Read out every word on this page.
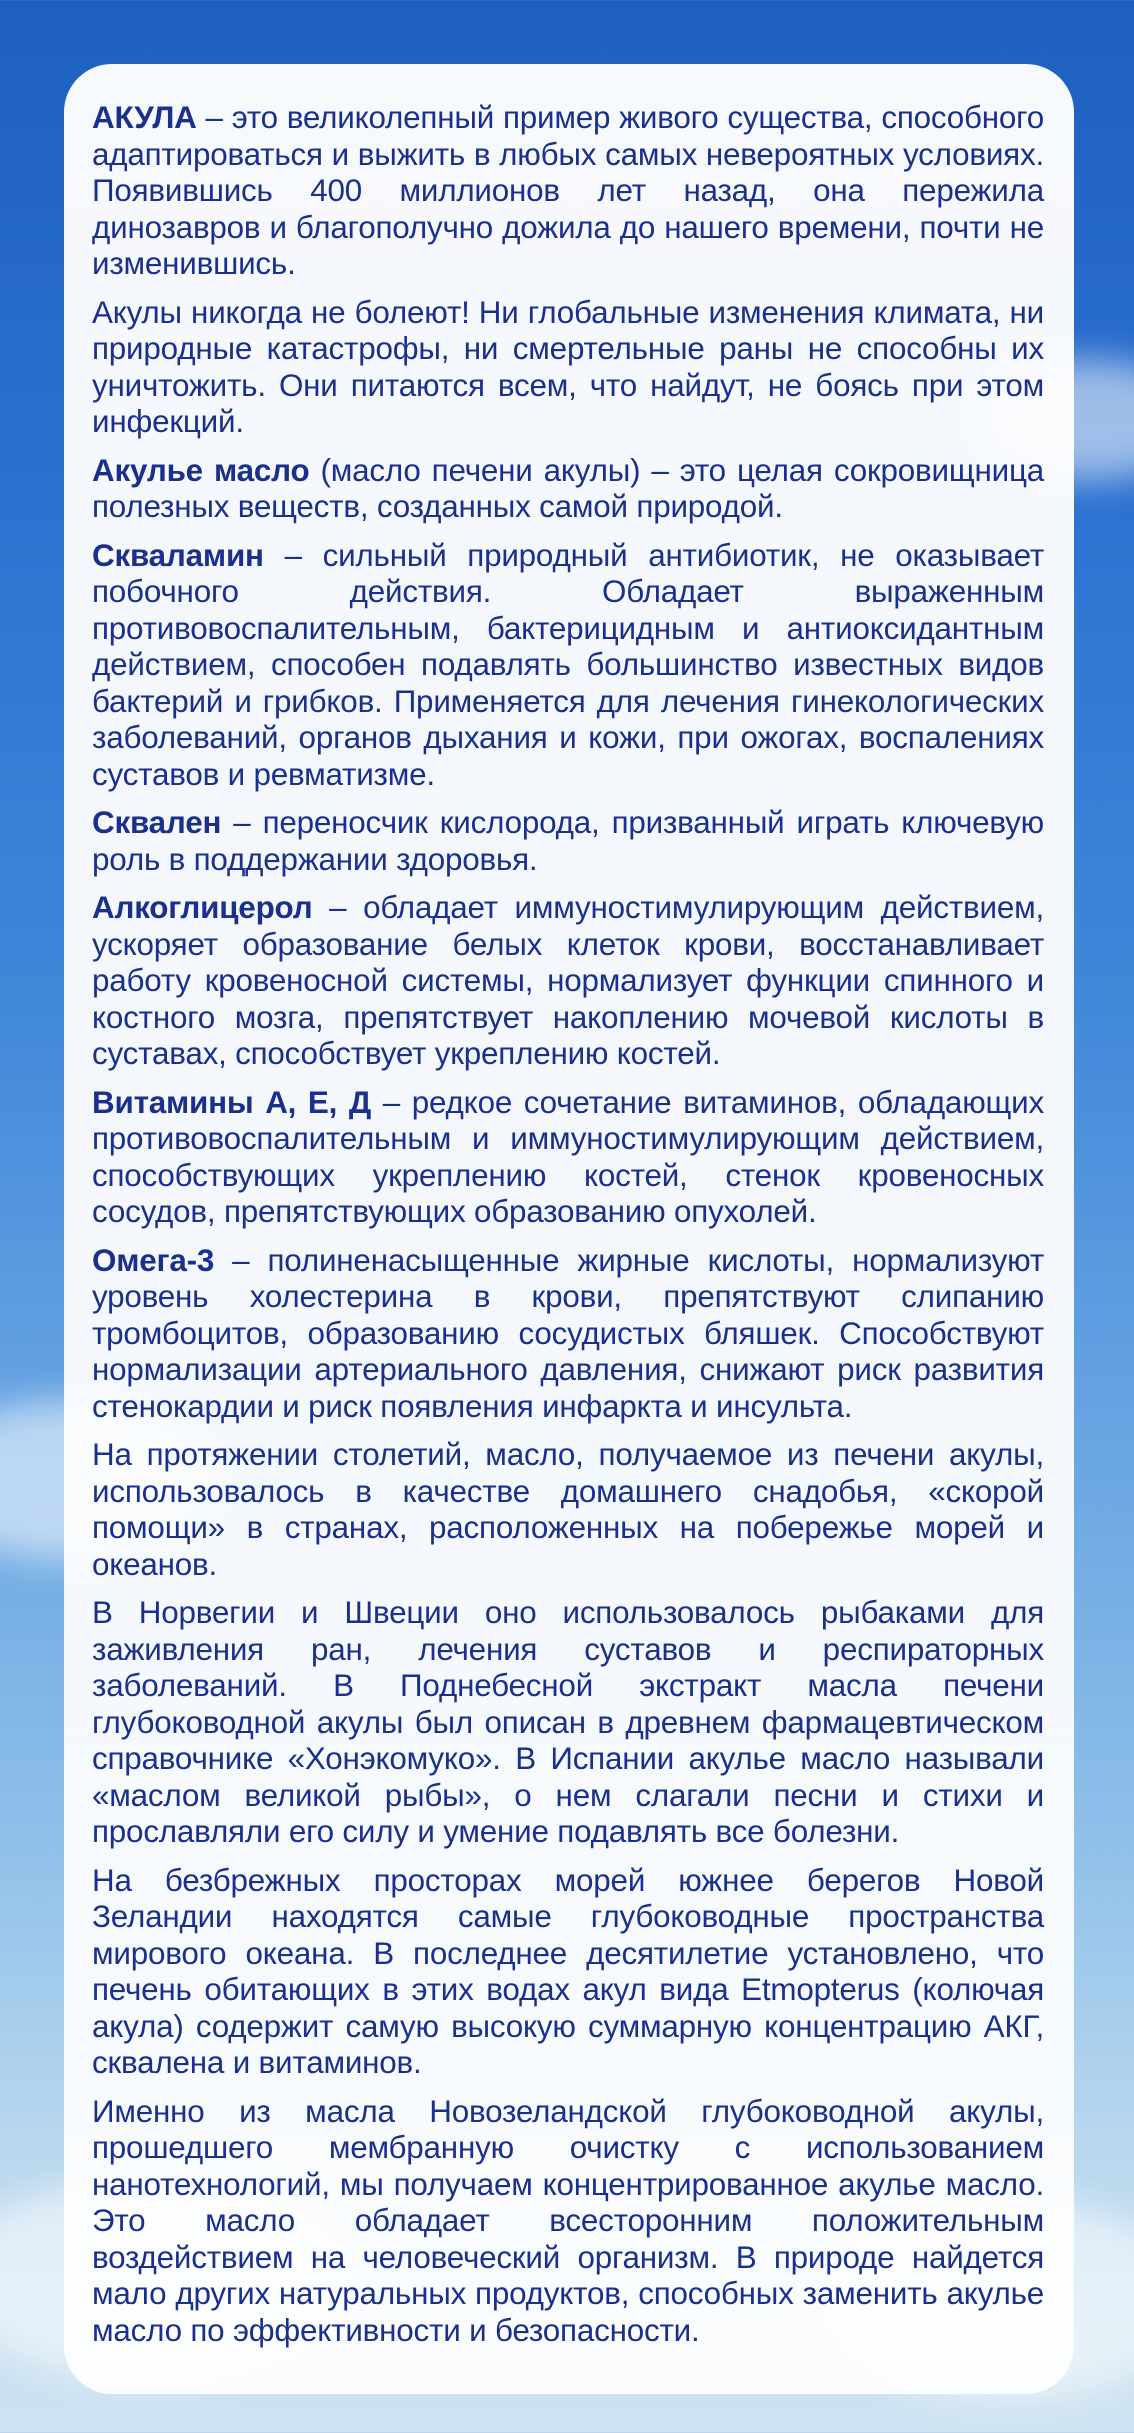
АКУЛА – это великолепный пример живого существа, способного адаптироваться и выжить в любых самых невероятных условиях. Появившись 400 миллионов лет назад, она пережила динозавров и благополучно дожила до нашего времени, почти не изменившись.

Акулы никогда не болеют! Ни глобальные изменения климата, ни природные катастрофы, ни смертельные раны не способны их уничтожить. Они питаются всем, что найдут, не боясь при этом инфекций.

Акулье масло (масло печени акулы) – это целая сокровищница полезных веществ, созданных самой природой.

Скваламин – сильный природный антибиотик, не оказывает побочного действия. Обладает выраженным противовоспалительным, бактерицидным и антиоксидантным действием, способен подавлять большинство известных видов бактерий и грибков. Применяется для лечения гинекологических заболеваний, органов дыхания и кожи, при ожогах, воспалениях суставов и ревматизме.

Сквален – переносчик кислорода, призванный играть ключевую роль в поддержании здоровья.

Алкоглицерол – обладает иммуностимулирующим действием, ускоряет образование белых клеток крови, восстанавливает работу кровеносной системы, нормализует функции спинного и костного мозга, препятствует накоплению мочевой кислоты в суставах, способствует укреплению костей.

Витамины А, Е, Д – редкое сочетание витаминов, обладающих противовоспалительным и иммуностимулирующим действием, способствующих укреплению костей, стенок кровеносных сосудов, препятствующих образованию опухолей.

Омега-3 – полиненасыщенные жирные кислоты, нормализуют уровень холестерина в крови, препятствуют слипанию тромбоцитов, образованию сосудистых бляшек. Способствуют нормализации артериального давления, снижают риск развития стенокардии и риск появления инфаркта и инсульта.

На протяжении столетий, масло, получаемое из печени акулы, использовалось в качестве домашнего снадобья, «скорой помощи» в странах, расположенных на побережье морей и океанов.

В Норвегии и Швеции оно использовалось рыбаками для заживления ран, лечения суставов и респираторных заболеваний. В Поднебесной экстракт масла печени глубоководной акулы был описан в древнем фармацевтическом справочнике «Хонэкомуко». В Испании акулье масло называли «маслом великой рыбы», о нем слагали песни и стихи и прославляли его силу и умение подавлять все болезни.

На безбрежных просторах морей южнее берегов Новой Зеландии находятся самые глубоководные пространства мирового океана. В последнее десятилетие установлено, что печень обитающих в этих водах акул вида Etmopterus (колючая акула) содержит самую высокую суммарную концентрацию АКГ, сквалена и витаминов.

Именно из масла Новозеландской глубоководной акулы, прошедшего мембранную очистку с использованием нанотехнологий, мы получаем концентрированное акулье масло. Это масло обладает всесторонним положительным воздействием на человеческий организм. В природе найдется мало других натуральных продуктов, способных заменить акулье масло по эффективности и безопасности.
